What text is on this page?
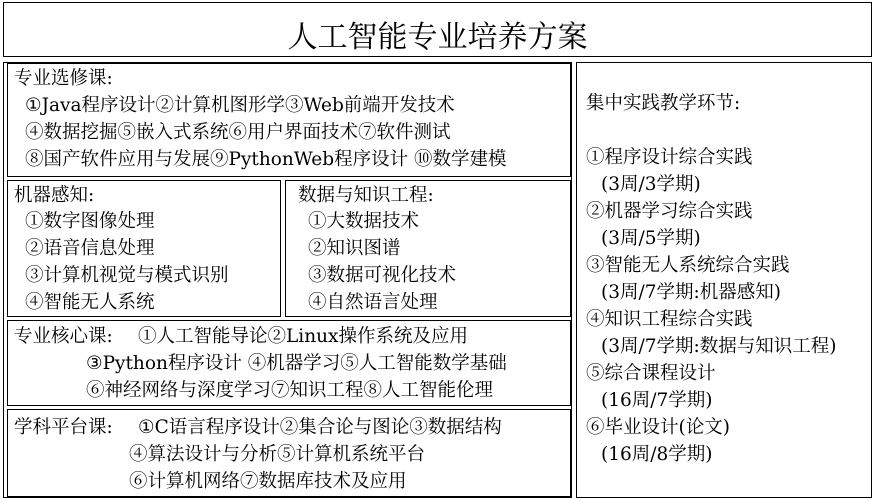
人工智能专业培养方案
专业选修课:
①Java程序设计②计算机图形学③Web前端开发技术
④数据挖掘⑤嵌入式系统⑥用户界面技术⑦软件测试
⑧国产软件应用与发展⑨PythonWeb程序设计 ⑩数学建模
机器感知:
①数字图像处理
②语音信息处理
③计算机视觉与模式识别
④智能无人系统
数据与知识工程:
①大数据技术
②知识图谱
③数据可视化技术
④自然语言处理
专业核心课: ①人工智能导论②Linux操作系统及应用
③Python程序设计 ④机器学习⑤人工智能数学基础
⑥神经网络与深度学习⑦知识工程⑧人工智能伦理
学科平台课: ①C语言程序设计②集合论与图论③数据结构
④算法设计与分析⑤计算机系统平台
⑥计算机网络⑦数据库技术及应用
集中实践教学环节:
①程序设计综合实践
(3周/3学期)
②机器学习综合实践
(3周/5学期)
③智能无人系统综合实践
(3周/7学期:机器感知)
④知识工程综合实践
(3周/7学期:数据与知识工程)
⑤综合课程设计
(16周/7学期)
⑥毕业设计(论文)
(16周/8学期)
